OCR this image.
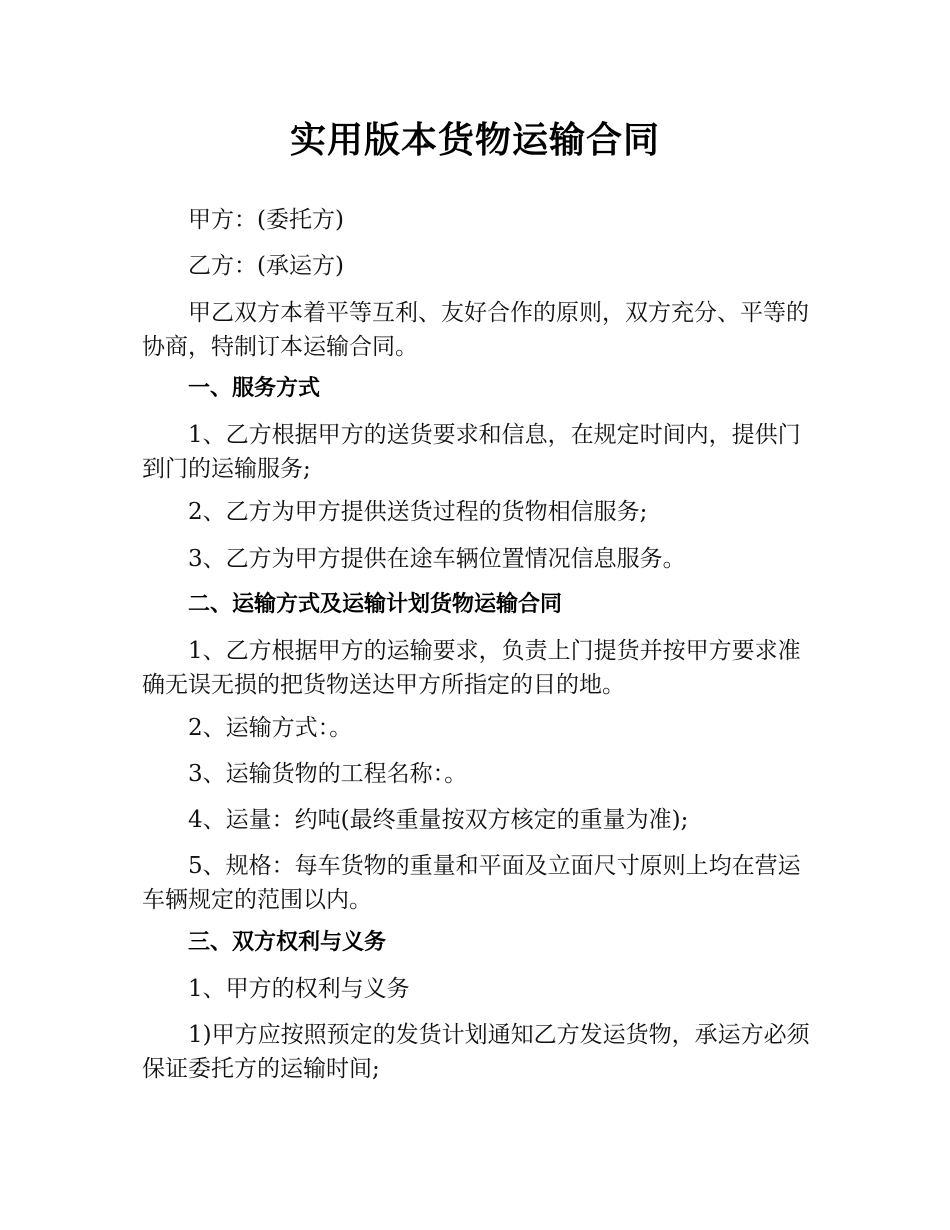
实用版本货物运输合同

甲方：(委托方)

乙方：(承运方)

甲乙双方本着平等互利、友好合作的原则，双方充分、平等的协商，特制订本运输合同。

一、服务方式

1、乙方根据甲方的送货要求和信息，在规定时间内，提供门到门的运输服务;

2、乙方为甲方提供送货过程的货物相信服务;

3、乙方为甲方提供在途车辆位置情况信息服务。

二、运输方式及运输计划货物运输合同

1、乙方根据甲方的运输要求，负责上门提货并按甲方要求准确无误无损的把货物送达甲方所指定的目的地。

2、运输方式：。

3、运输货物的工程名称：。

4、运量：约吨(最终重量按双方核定的重量为准);

5、规格：每车货物的重量和平面及立面尺寸原则上均在营运车辆规定的范围以内。

三、双方权利与义务

1、甲方的权利与义务

1)甲方应按照预定的发货计划通知乙方发运货物，承运方必须保证委托方的运输时间;
